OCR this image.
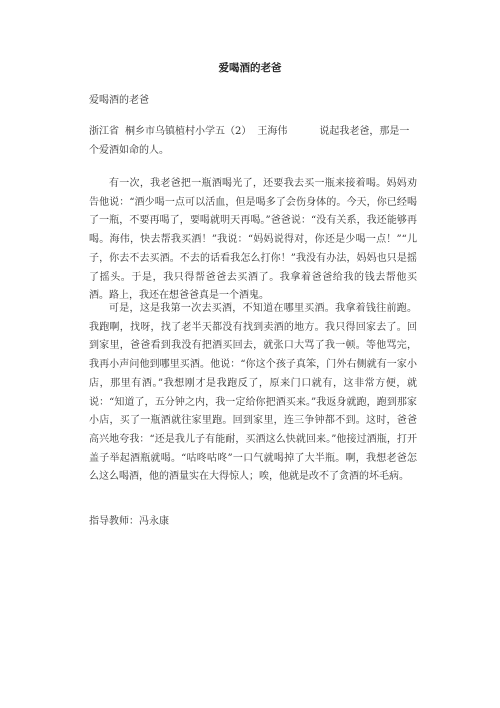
爱喝酒的老爸
爱喝酒的老爸
浙江省 桐乡市乌镇植村小学五（2） 王海伟	说起我老爸，那是一个爱酒如命的人。
有一次，我老爸把一瓶酒喝光了，还要我去买一瓶来接着喝。妈妈劝告他说：“酒少喝一点可以活血，但是喝多了会伤身体的。今天，你已经喝了一瓶，不要再喝了，要喝就明天再喝。”爸爸说：“没有关系，我还能够再喝。海伟，快去帮我买酒！”我说：“妈妈说得对，你还是少喝一点！”“儿子，你去不去买酒。不去的话看我怎么打你！”我没有办法，妈妈也只是摇了摇头。于是，我只得帮爸爸去买酒了。我拿着爸爸给我的钱去帮他买酒。路上，我还在想爸爸真是一个酒鬼。
可是，这是我第一次去买酒，不知道在哪里买酒。我拿着钱往前跑。我跑啊，找呀，找了老半天都没有找到卖酒的地方。我只得回家去了。回到家里，爸爸看到我没有把酒买回去，就张口大骂了我一顿。等他骂完，我再小声问他到哪里买酒。他说：“你这个孩子真笨，门外右侧就有一家小店，那里有酒。”我想刚才是我跑反了，原来门口就有，这非常方便，就说：“知道了，五分钟之内，我一定给你把酒买来。”我返身就跑，跑到那家小店，买了一瓶酒就往家里跑。回到家里，连三争钟都不到。这时，爸爸高兴地夸我：“还是我儿子有能耐，买酒这么快就回来。”他接过酒瓶，打开盖子举起酒瓶就喝。“咕咚咕咚”一口气就喝掉了大半瓶。啊，我想老爸怎么这么喝酒，他的酒量实在大得惊人；唉，他就是改不了贪酒的坏毛病。
指导教师：冯永康
